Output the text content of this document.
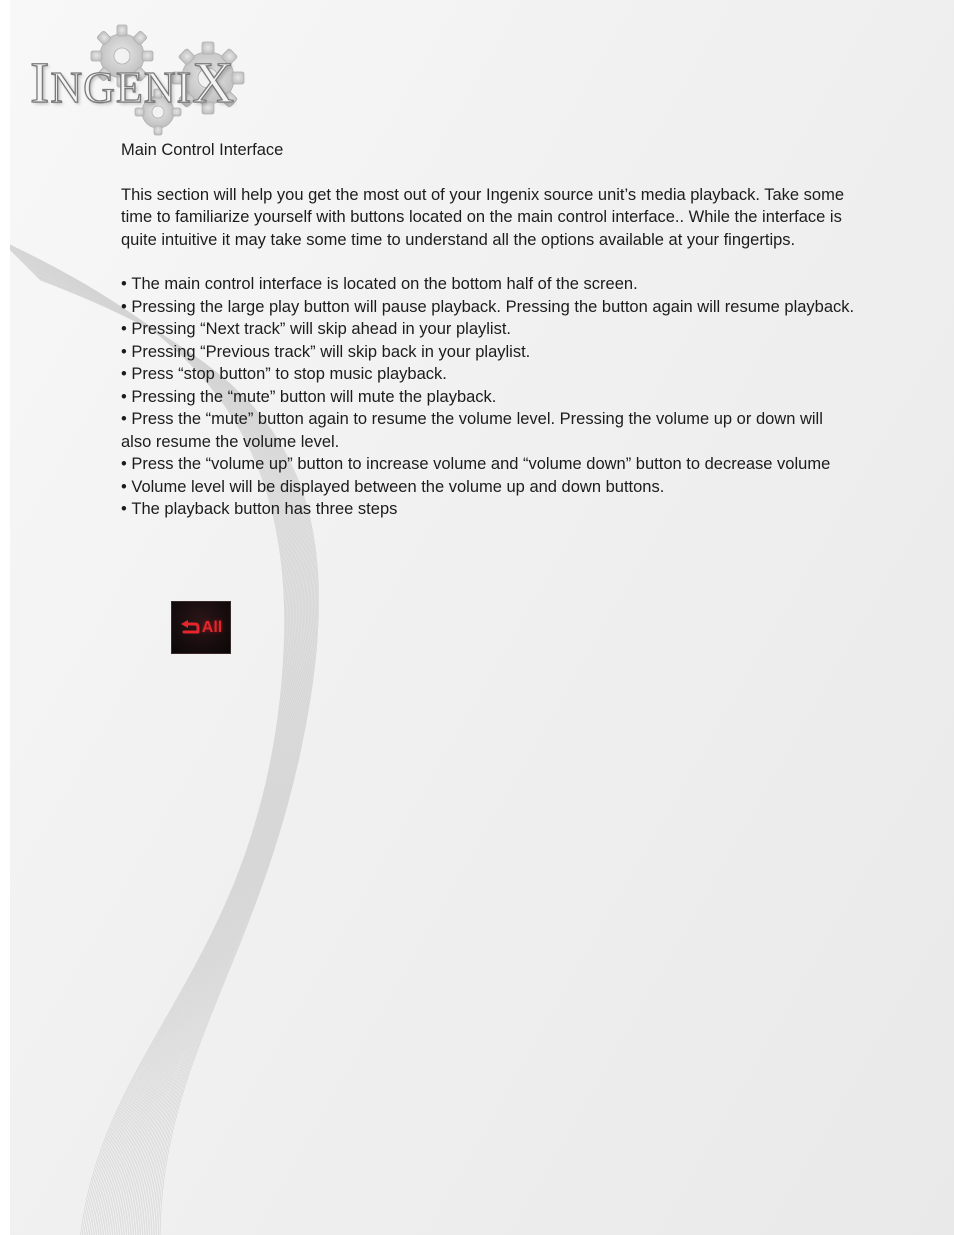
INGENIX

Main Control Interface

This section will help you get the most out of your Ingenix source unit’s media playback. Take some time to familiarize yourself with buttons located on the main control interface.. While the interface is quite intuitive it may take some time to understand all the options available at your fingertips.

• The main control interface is located on the bottom half of the screen.
• Pressing the large play button will pause playback. Pressing the button again will resume playback.
• Pressing “Next track” will skip ahead in your playlist.
• Pressing “Previous track” will skip back in your playlist.
• Press “stop button” to stop music playback.
• Pressing the “mute” button will mute the playback.
• Press the “mute” button again to resume the volume level. Pressing the volume up or down will also resume the volume level.
• Press the “volume up” button to increase volume and “volume down” button to decrease volume
• Volume level will be displayed between the volume up and down buttons.
• The playback button has three steps
All
